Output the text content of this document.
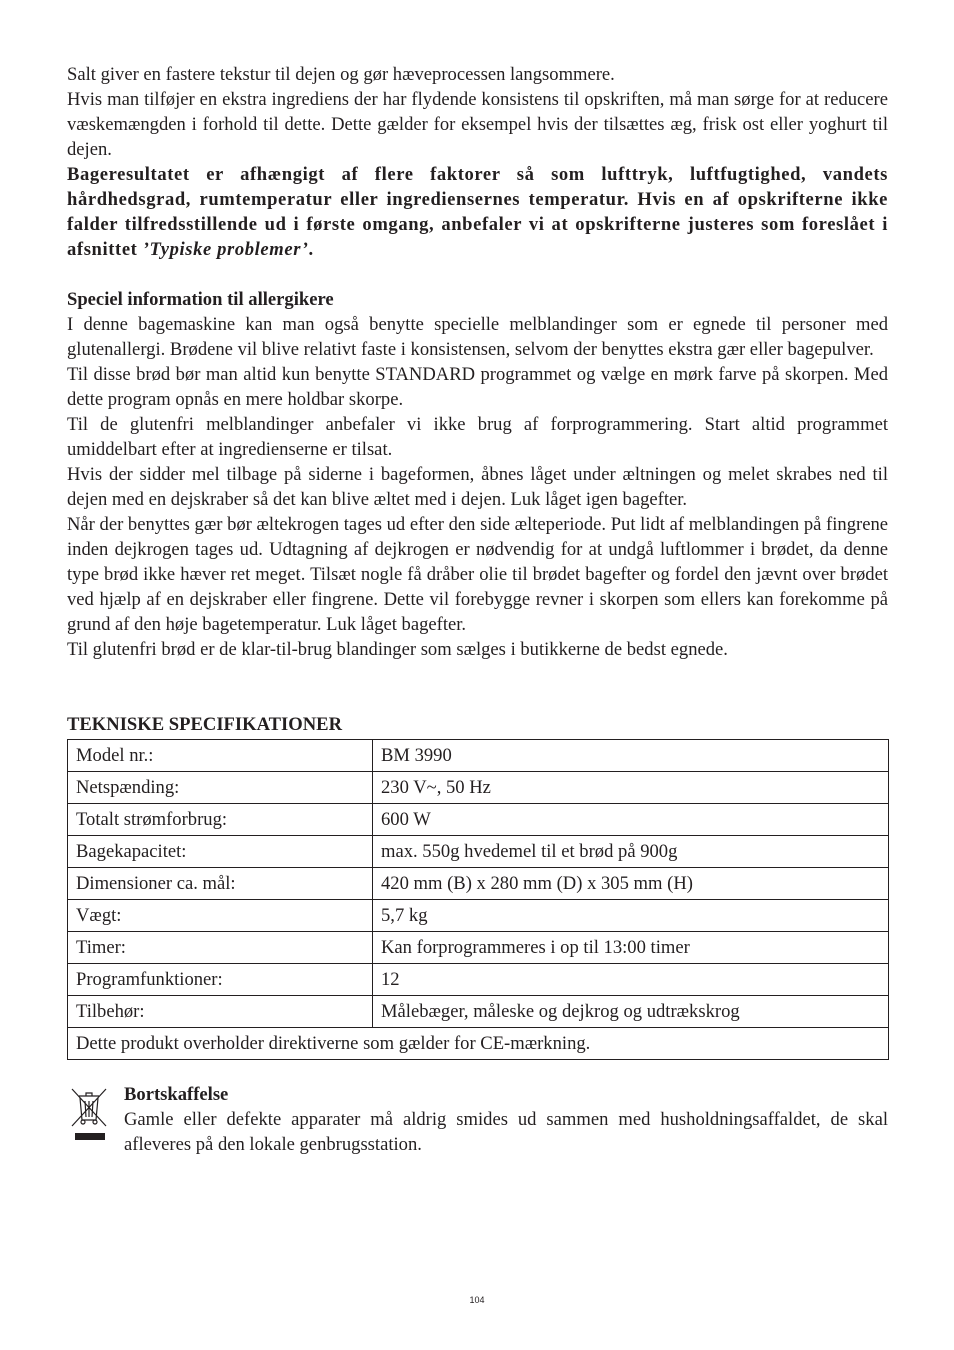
Salt giver en fastere tekstur til dejen og gør hæveprocessen langsommere.

Hvis man tilføjer en ekstra ingrediens der har flydende konsistens til opskriften, må man sørge for at reducere væskemængden i forhold til dette. Dette gælder for eksempel hvis der tilsættes æg, frisk ost eller yoghurt til dejen.

Bageresultatet er afhængigt af flere faktorer så som lufttryk, luftfugtighed, vandets hårdhedsgrad, rumtemperatur eller ingrediensernes temperatur. Hvis en af opskrifterne ikke falder tilfredsstillende ud i første omgang, anbefaler vi at opskrifterne justeres som foreslået i afsnittet ’Typiske problemer’.

Speciel information til allergikere

I denne bagemaskine kan man også benytte specielle melblandinger som er egnede til personer med glutenallergi. Brødene vil blive relativt faste i konsistensen, selvom der benyttes ekstra gær eller bagepulver.

Til disse brød bør man altid kun benytte STANDARD programmet og vælge en mørk farve på skorpen. Med dette program opnås en mere holdbar skorpe.

Til de glutenfri melblandinger anbefaler vi ikke brug af forprogrammering. Start altid programmet umiddelbart efter at ingredienserne er tilsat.

Hvis der sidder mel tilbage på siderne i bageformen, åbnes låget under æltningen og melet skrabes ned til dejen med en dejskraber så det kan blive æltet med i dejen. Luk låget igen bagefter.

Når der benyttes gær bør æltekrogen tages ud efter den side ælteperiode. Put lidt af melblandingen på fingrene inden dejkrogen tages ud. Udtagning af dejkrogen er nødvendig for at undgå luftlommer i brødet, da denne type brød ikke hæver ret meget. Tilsæt nogle få dråber olie til brødet bagefter og fordel den jævnt over brødet ved hjælp af en dejskraber eller fingrene. Dette vil forebygge revner i skorpen som ellers kan forekomme på grund af den høje bagetemperatur. Luk låget bagefter.

Til glutenfri brød er de klar-til-brug blandinger som sælges i butikkerne de bedst egnede.

TEKNISKE SPECIFIKATIONER

Model nr.:	BM 3990
Netspænding:	230 V~, 50 Hz
Totalt strømforbrug:	600 W
Bagekapacitet:	max. 550g hvedemel til et brød på 900g
Dimensioner ca. mål:	420 mm (B) x 280 mm (D) x 305 mm (H)
Vægt:	5,7 kg
Timer:	Kan forprogrammeres i op til 13:00 timer
Programfunktioner:	12
Tilbehør:	Målebæger, måleske og dejkrog og udtrækskrog
Dette produkt overholder direktiverne som gælder for CE-mærkning.	

Bortskaffelse

Gamle eller defekte apparater må aldrig smides ud sammen med husholdningsaffaldet, de skal afleveres på den lokale genbrugsstation.

104
